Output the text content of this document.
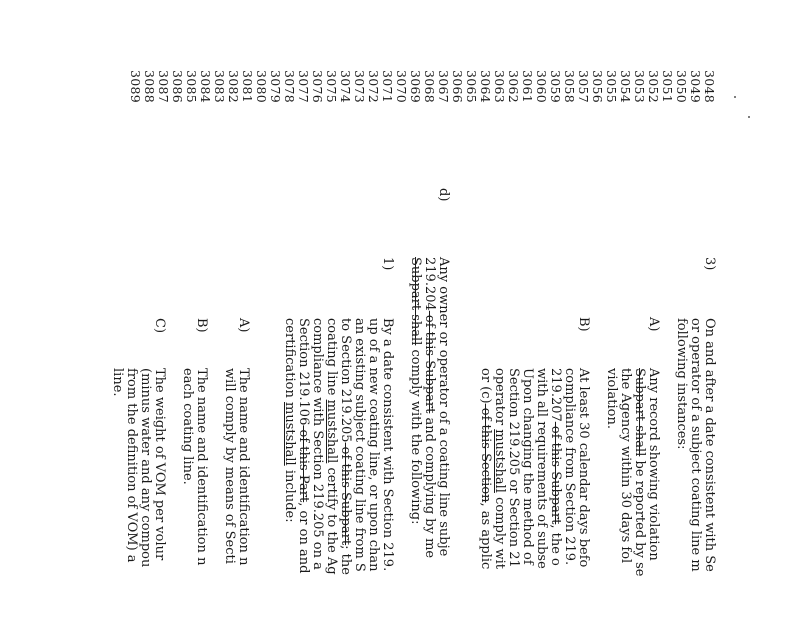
3048
3049
3050
3051
3052
3053
3054
3055
3056
3057
3058
3059
3060
3061
3062
3063
3064
3065
3066
3067
3068
3069
3070
3071
3072
3073
3074
3075
3076
3077
3078
3079
3080
3081
3082
3083
3084
3085
3086
3087
3088
3089
3)
On and after a date consistent with Se
or operator of a subject coating line m
following instances:
A)
Any record showing violation
Subpart shall be reported by se
the Agency within 30 days fol
violation.
B)
At least 30 calendar days befo
compliance from Section 219.
219.207 of this Subpart, the o
with all requirements of subse
Upon changing the method of
Section 219.205 or Section 21
operator mustshall comply wit
or (c) of this Section, as applic
d)
Any owner or operator of a coating line subje
219.204 of this Subpart and complying by me
Subpart shall comply with the following:
1)
By a date consistent with Section 219.
up of a new coating line, or upon chan
an existing subject coating line from S
to Section 219.205 of this Subpart; the
coating line mustshall certify to the Ag
compliance with Section 219.205 on a
Section 219.106 of this Part, or on and
certification mustshall include:
A)
The name and identification n
will comply by means of Secti
B)
The name and identification n
each coating line.
C)
The weight of VOM per volur
(minus water and any compou
from the definition of VOM) a
line.
